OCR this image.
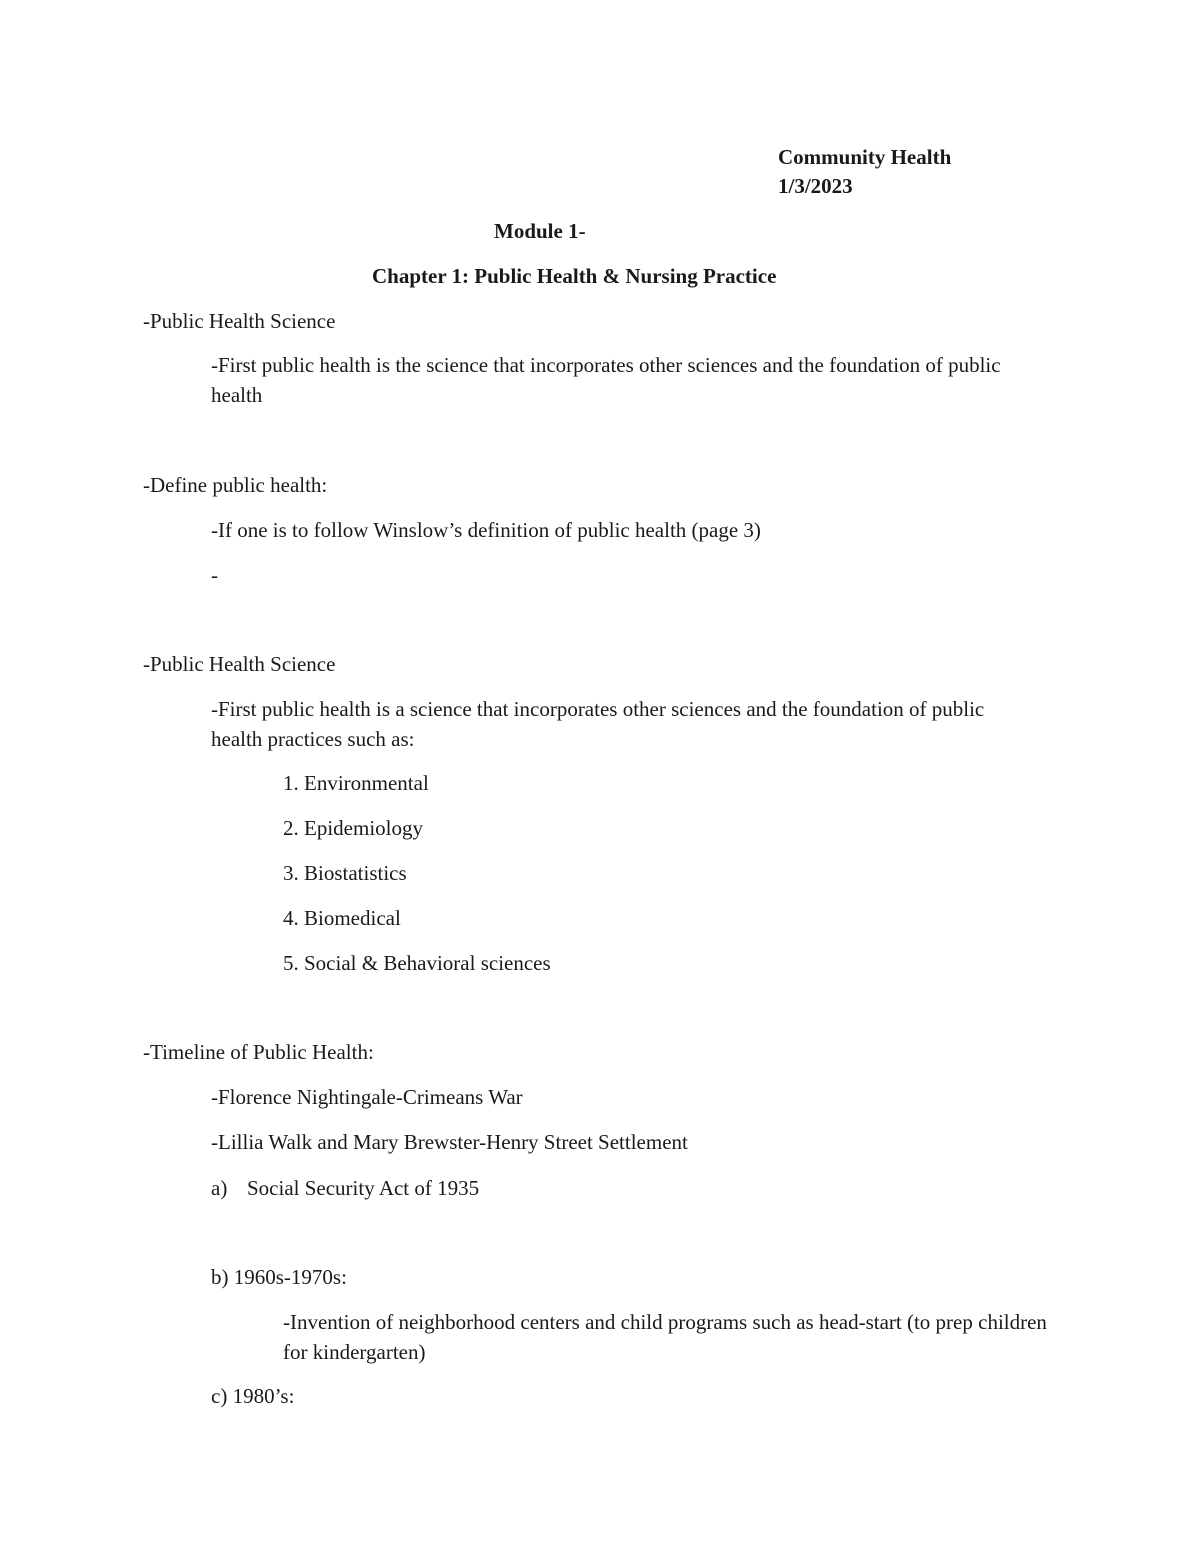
Community Health
1/3/2023
Module 1-
Chapter 1: Public Health & Nursing Practice
-Public Health Science
-First public health is the science that incorporates other sciences and the foundation of public health
-Define public health:
-If one is to follow Winslow’s definition of public health (page 3)
-
-Public Health Science
-First public health is a science that incorporates other sciences and the foundation of public health practices such as:
1. Environmental
2. Epidemiology
3. Biostatistics
4. Biomedical
5. Social & Behavioral sciences
-Timeline of Public Health:
-Florence Nightingale-Crimeans War
-Lillia Walk and Mary Brewster-Henry Street Settlement
a) Social Security Act of 1935
b) 1960s-1970s:
-Invention of neighborhood centers and child programs such as head-start (to prep children for kindergarten)
c) 1980’s:
